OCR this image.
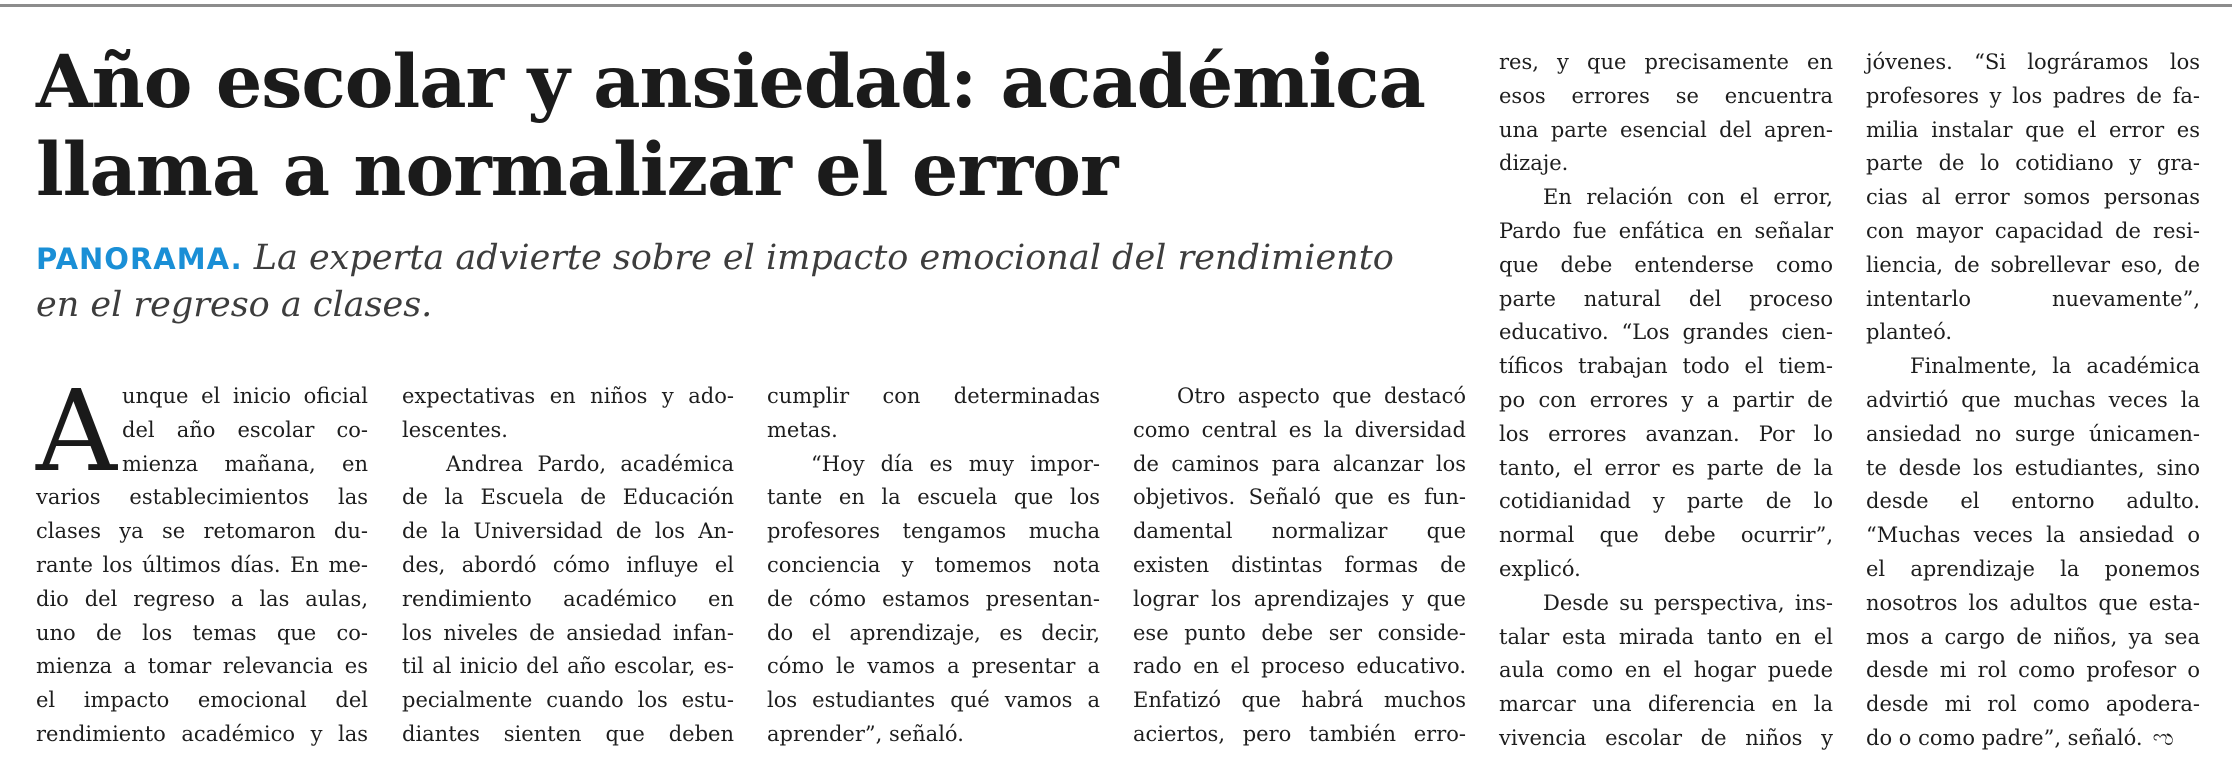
Año escolar y ansiedad: académica
llama a normalizar el error

PANORAMA. La experta advierte sobre el impacto emocional del rendimiento
en el regreso a clases.

A unque el inicio oficial
del año escolar co-
mienza mañana, en
varios establecimientos las
clases ya se retomaron du-
rante los últimos días. En me-
dio del regreso a las aulas,
uno de los temas que co-
mienza a tomar relevancia es
el impacto emocional del
rendimiento académico y las
expectativas en niños y ado-
lescentes.
Andrea Pardo, académica
de la Escuela de Educación
de la Universidad de los An-
des, abordó cómo influye el
rendimiento académico en
los niveles de ansiedad infan-
til al inicio del año escolar, es-
pecialmente cuando los estu-
diantes sienten que deben
cumplir con determinadas
metas.
“Hoy día es muy impor-
tante en la escuela que los
profesores tengamos mucha
conciencia y tomemos nota
de cómo estamos presentan-
do el aprendizaje, es decir,
cómo le vamos a presentar a
los estudiantes qué vamos a
aprender”, señaló.
Otro aspecto que destacó
como central es la diversidad
de caminos para alcanzar los
objetivos. Señaló que es fun-
damental normalizar que
existen distintas formas de
lograr los aprendizajes y que
ese punto debe ser conside-
rado en el proceso educativo.
Enfatizó que habrá muchos
aciertos, pero también erro-
res, y que precisamente en
esos errores se encuentra
una parte esencial del apren-
dizaje.
En relación con el error,
Pardo fue enfática en señalar
que debe entenderse como
parte natural del proceso
educativo. “Los grandes cien-
tíficos trabajan todo el tiem-
po con errores y a partir de
los errores avanzan. Por lo
tanto, el error es parte de la
cotidianidad y parte de lo
normal que debe ocurrir”,
explicó.
Desde su perspectiva, ins-
talar esta mirada tanto en el
aula como en el hogar puede
marcar una diferencia en la
vivencia escolar de niños y
jóvenes. “Si lográramos los
profesores y los padres de fa-
milia instalar que el error es
parte de lo cotidiano y gra-
cias al error somos personas
con mayor capacidad de resi-
liencia, de sobrellevar eso, de
intentarlo nuevamente”,
planteó.
Finalmente, la académica
advirtió que muchas veces la
ansiedad no surge únicamen-
te desde los estudiantes, sino
desde el entorno adulto.
“Muchas veces la ansiedad o
el aprendizaje la ponemos
nosotros los adultos que esta-
mos a cargo de niños, ya sea
desde mi rol como profesor o
desde mi rol como apodera-
do o como padre”, señaló. ಌ
